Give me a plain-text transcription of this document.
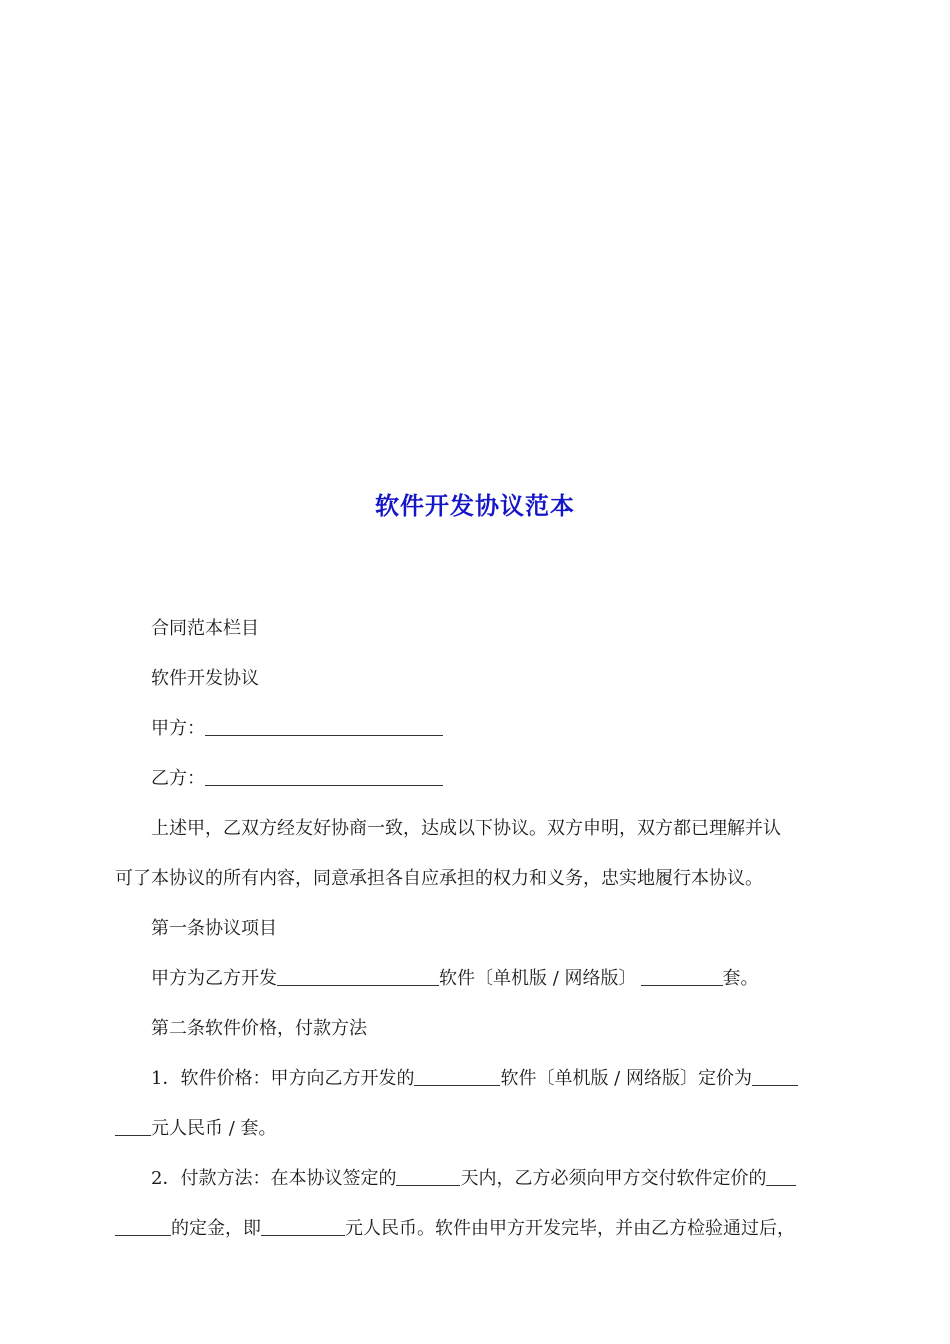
软件开发协议范本
合同范本栏目
软件开发协议
甲方：
乙方：
上述甲，乙双方经友好协商一致，达成以下协议。双方申明，双方都已理解并认
可了本协议的所有内容，同意承担各自应承担的权力和义务，忠实地履行本协议。
第一条协议项目
甲方为乙方开发	软件〔单机版 / 网络版〕	套。
第二条软件价格，付款方法
1．软件价格：甲方向乙方开发的	软件〔单机版 / 网络版〕定价为
元人民币 / 套。
2．付款方法：在本协议签定的	天内，乙方必须向甲方交付软件定价的
的定金，即	元人民币。软件由甲方开发完毕，并由乙方检验通过后，
